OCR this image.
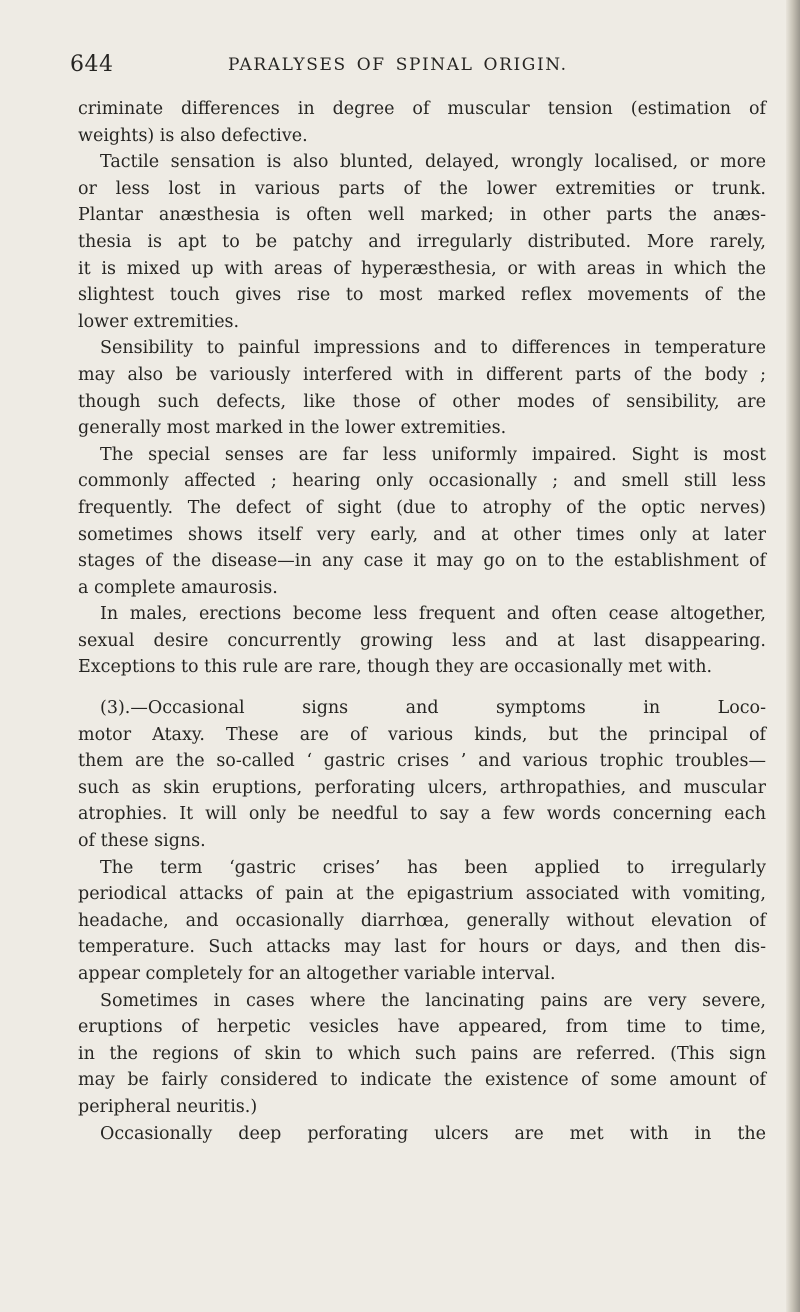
644	PARALYSES OF SPINAL ORIGIN.
criminate differences in degree of muscular tension (estimation of
weights) is also defective.
Tactile sensation is also blunted, delayed, wrongly localised, or more
or less lost in various parts of the lower extremities or trunk.
Plantar anæsthesia is often well marked; in other parts the anæs-
thesia is apt to be patchy and irregularly distributed. More rarely,
it is mixed up with areas of hyperæsthesia, or with areas in which the
slightest touch gives rise to most marked reflex movements of the
lower extremities.
Sensibility to painful impressions and to differences in temperature
may also be variously interfered with in different parts of the body ;
though such defects, like those of other modes of sensibility, are
generally most marked in the lower extremities.
The special senses are far less uniformly impaired. Sight is most
commonly affected ; hearing only occasionally ; and smell still less
frequently. The defect of sight (due to atrophy of the optic nerves)
sometimes shows itself very early, and at other times only at later
stages of the disease—in any case it may go on to the establishment of
a complete amaurosis.
In males, erections become less frequent and often cease altogether,
sexual desire concurrently growing less and at last disappearing.
Exceptions to this rule are rare, though they are occasionally met with.
(3).—Occasional signs and symptoms in Loco-
motor Ataxy. These are of various kinds, but the principal of
them are the so-called ‘ gastric crises ’ and various trophic troubles—
such as skin eruptions, perforating ulcers, arthropathies, and muscular
atrophies. It will only be needful to say a few words concerning each
of these signs.
The term ‘gastric crises’ has been applied to irregularly
periodical attacks of pain at the epigastrium associated with vomiting,
headache, and occasionally diarrhœa, generally without elevation of
temperature. Such attacks may last for hours or days, and then dis-
appear completely for an altogether variable interval.
Sometimes in cases where the lancinating pains are very severe,
eruptions of herpetic vesicles have appeared, from time to time,
in the regions of skin to which such pains are referred. (This sign
may be fairly considered to indicate the existence of some amount of
peripheral neuritis.)
Occasionally deep perforating ulcers are met with in the
